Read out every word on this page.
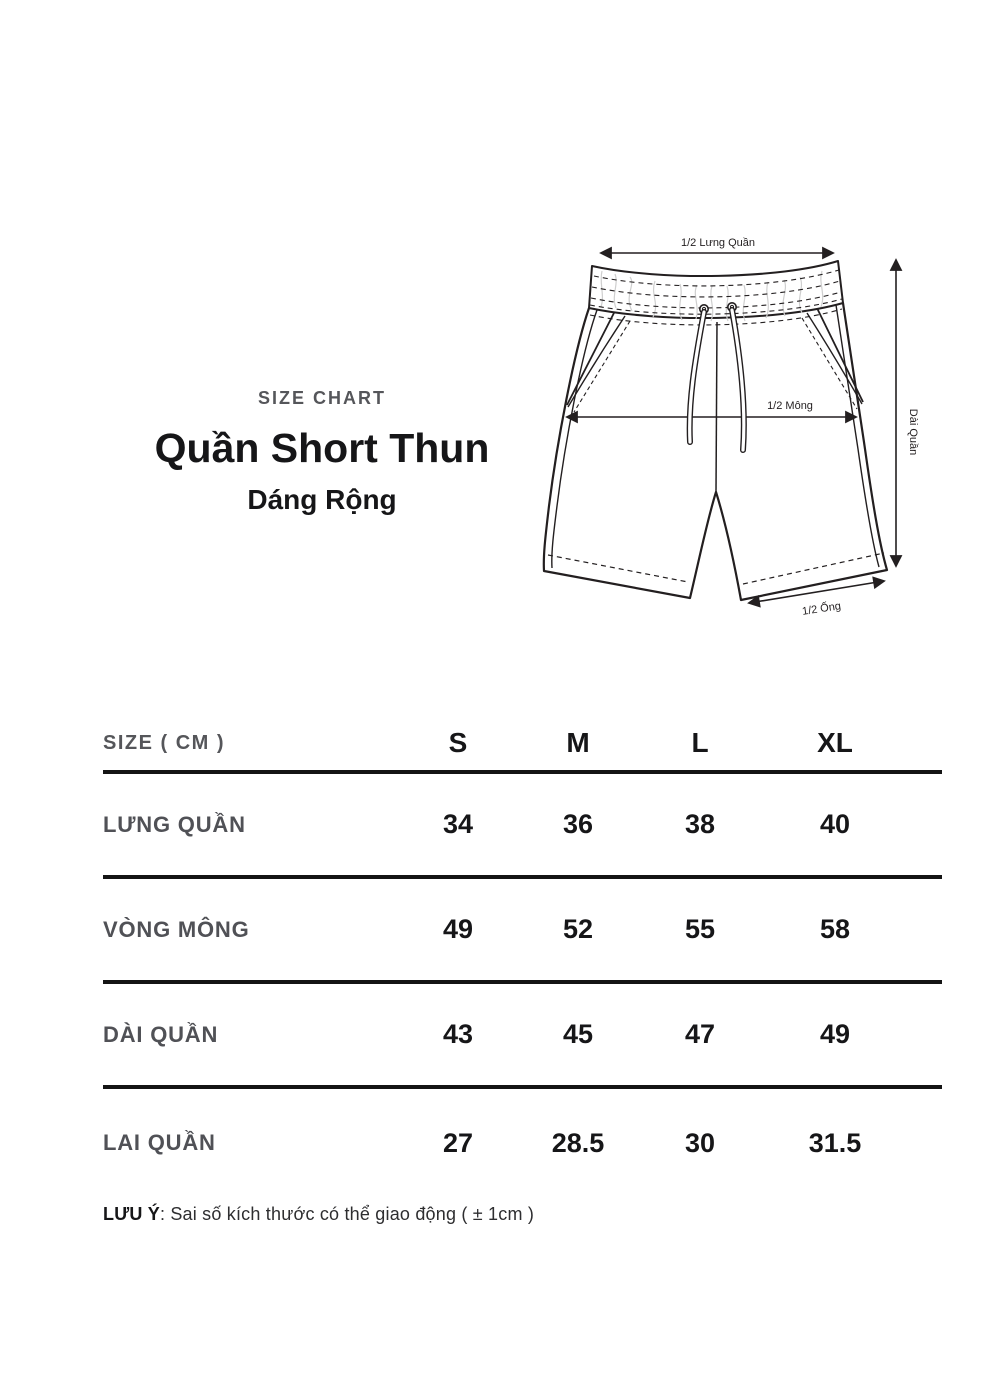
SIZE CHART
Quần Short Thun
Dáng Rộng
1/2 Lưng Quần
1/2 Mông
Dài Quần
1/2 Ống
SIZE ( CM )	S	M	L	XL
LƯNG QUẦN	34	36	38	40
VÒNG MÔNG	49	52	55	58
DÀI QUẦN	43	45	47	49
LAI QUẦN	27	28.5	30	31.5
LƯU Ý: Sai số kích thước có thể giao động ( ± 1cm )
